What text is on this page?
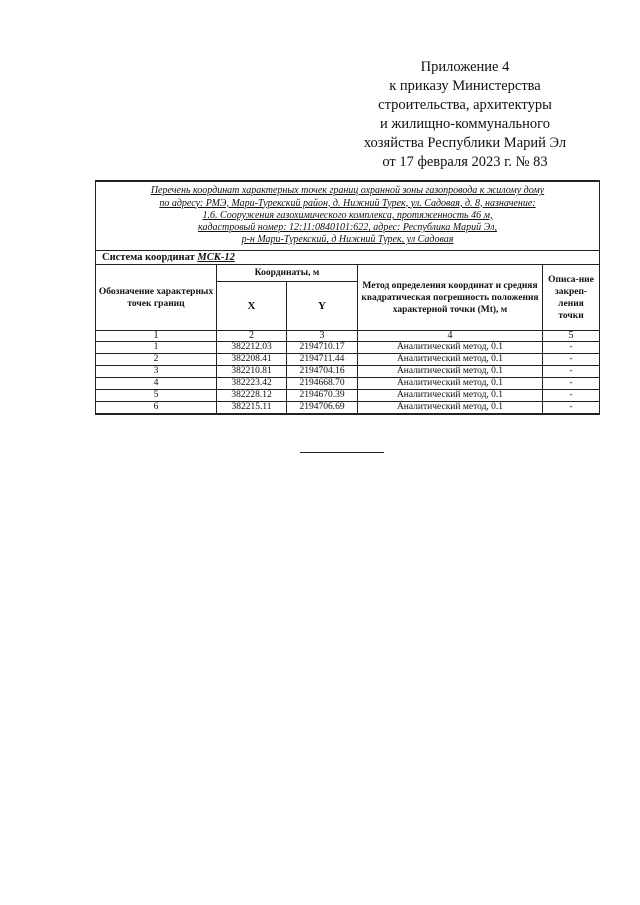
Приложение 4
к приказу Министерства
строительства, архитектуры
и жилищно-коммунального
хозяйства Республики Марий Эл
от 17 февраля 2023 г. № 83
Перечень координат характерных точек границ охранной зоны газопровода к жилому дому
по адресу: РМЭ, Мари-Турекский район, д. Нижний Турек, ул. Садовая, д. 8, назначение:
1.6. Сооружения газохимического комплекса, протяженность 46 м,
кадастровый номер: 12:11:0840101:622, адрес: Республика Марий Эл,
р-н Мари-Турекский, д Нижний Турек, ул Садовая				

Система координат МСК-12				
Обозначение характерных точек границ	Координаты, м		Метод определения координат и средняя квадратическая погрешность положения характерной точки (Mt), м	Описа-ние закреп-ления точки
	X	Y		
1	2	3	4	5
1	382212.03	2194710.17	Аналитический метод, 0.1	-
2	382208.41	2194711.44	Аналитический метод, 0.1	-
3	382210.81	2194704.16	Аналитический метод, 0.1	-
4	382223.42	2194668.70	Аналитический метод, 0.1	-
5	382228.12	2194670.39	Аналитический метод, 0.1	-
6	382215.11	2194706.69	Аналитический метод, 0.1	-
